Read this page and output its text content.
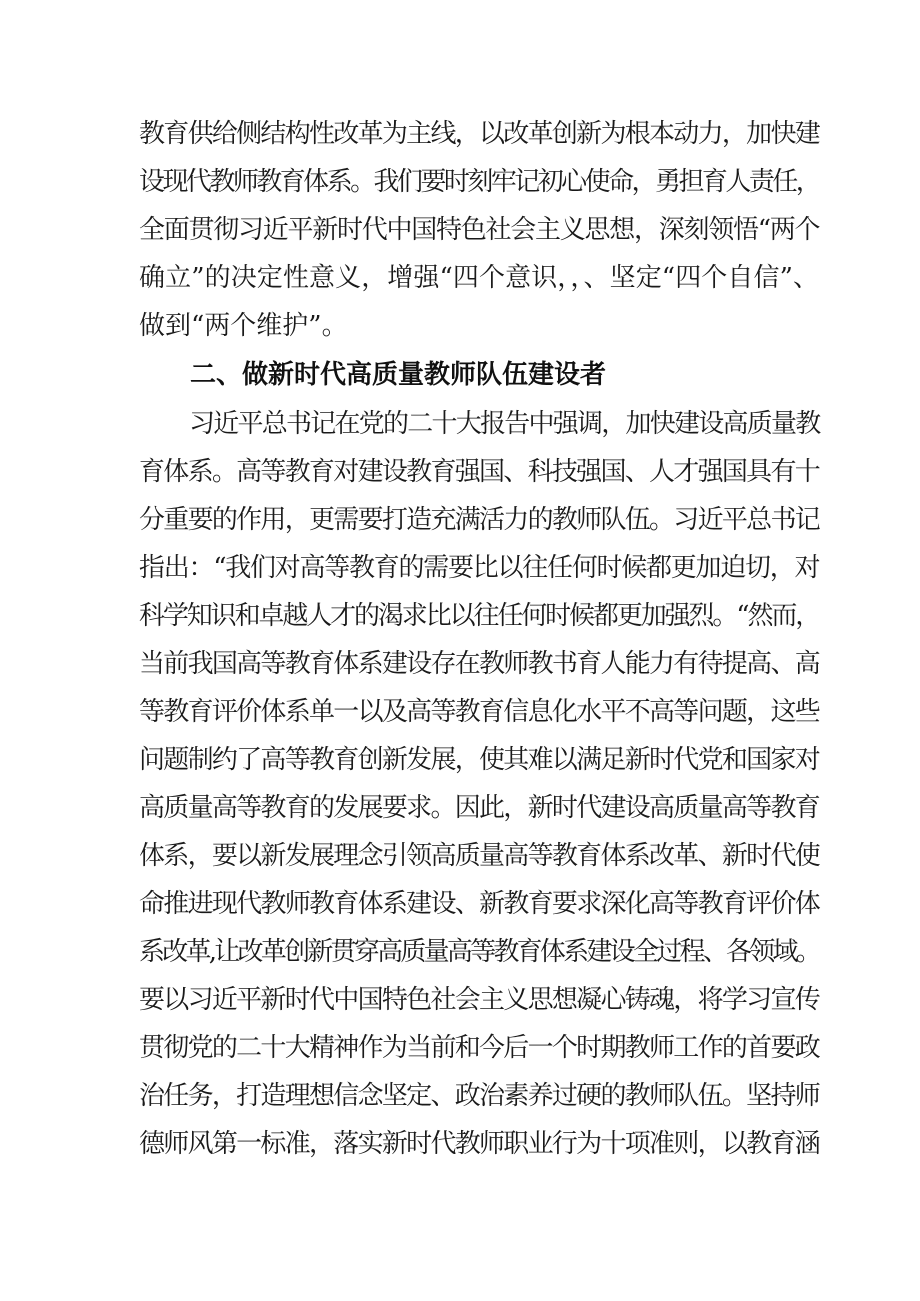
教育供给侧结构性改革为主线，以改革创新为根本动力，加快建
设现代教师教育体系。我们要时刻牢记初心使命，勇担育人责任，
全面贯彻习近平新时代中国特色社会主义思想，深刻领悟“两个
确立”的决定性意义，增强“四个意识，，、坚定“四个自信”、
做到“两个维护”。
二、做新时代高质量教师队伍建设者
习近平总书记在党的二十大报告中强调，加快建设高质量教
育体系。高等教育对建设教育强国、科技强国、人才强国具有十
分重要的作用，更需要打造充满活力的教师队伍。习近平总书记
指出：“我们对高等教育的需要比以往任何时候都更加迫切，对
科学知识和卓越人才的渴求比以往任何时候都更加强烈。“然而，
当前我国高等教育体系建设存在教师教书育人能力有待提高、高
等教育评价体系单一以及高等教育信息化水平不高等问题，这些
问题制约了高等教育创新发展，使其难以满足新时代党和国家对
高质量高等教育的发展要求。因此，新时代建设高质量高等教育
体系，要以新发展理念引领高质量高等教育体系改革、新时代使
命推进现代教师教育体系建设、新教育要求深化高等教育评价体
系改革,让改革创新贯穿高质量高等教育体系建设全过程、各领域。
要以习近平新时代中国特色社会主义思想凝心铸魂，将学习宣传
贯彻党的二十大精神作为当前和今后一个时期教师工作的首要政
治任务，打造理想信念坚定、政治素养过硬的教师队伍。坚持师
德师风第一标准，落实新时代教师职业行为十项准则，以教育涵
